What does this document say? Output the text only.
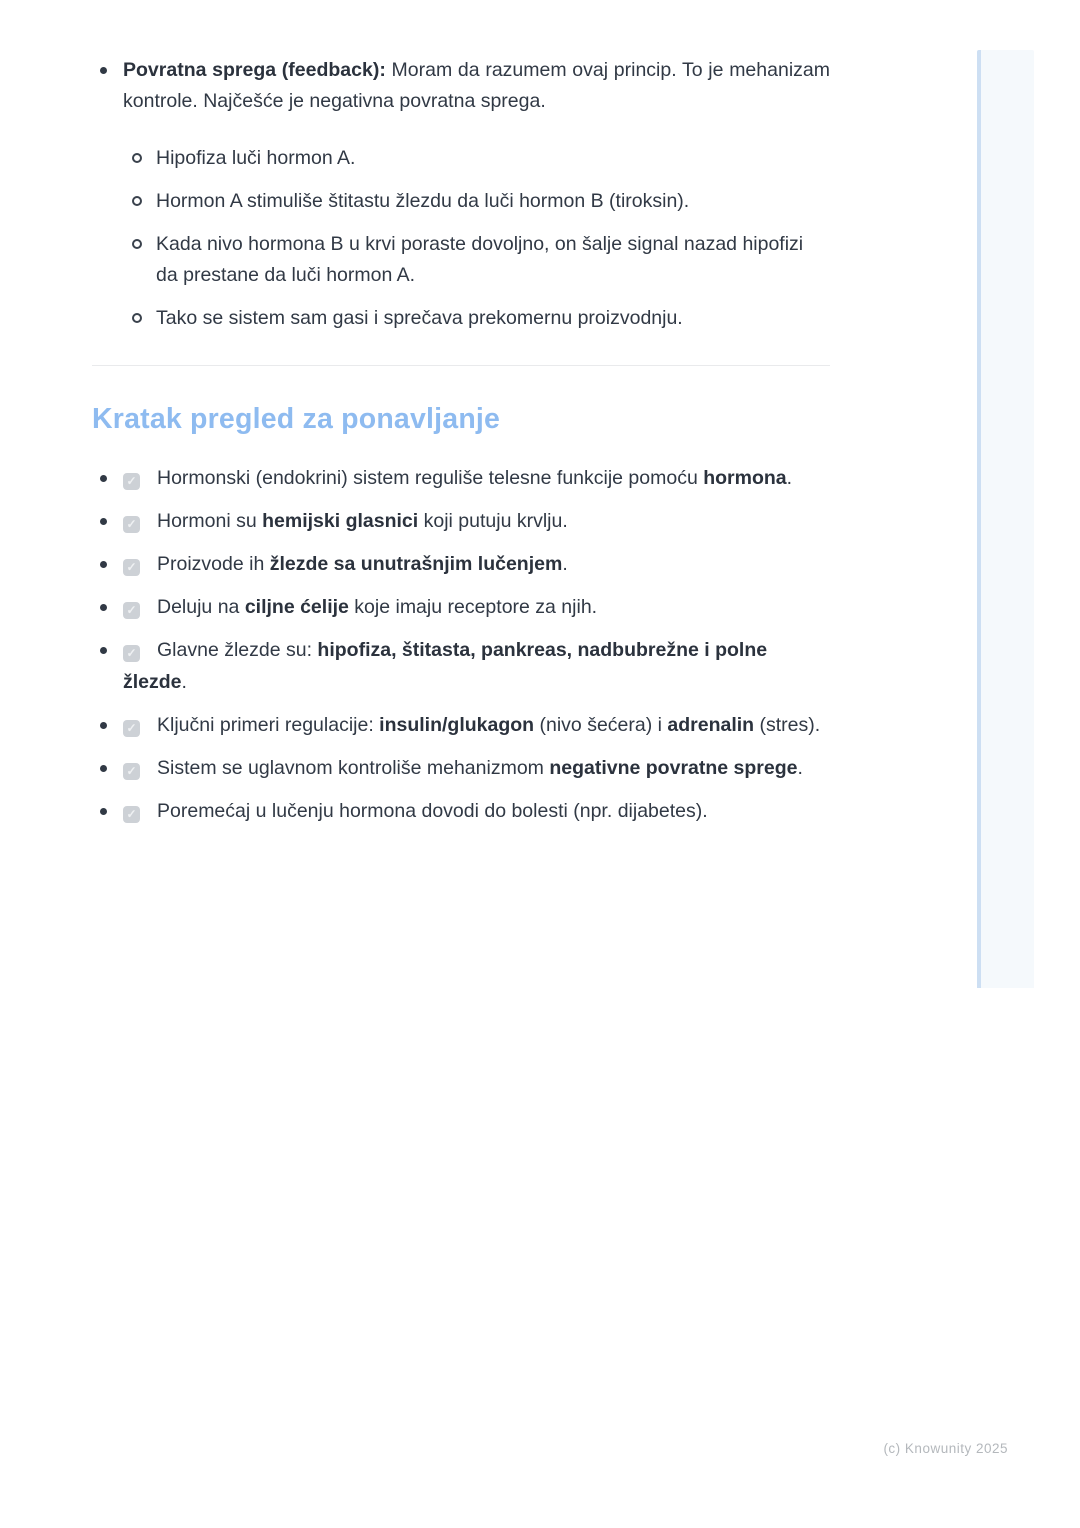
Povratna sprega (feedback): Moram da razumem ovaj princip. To je mehanizam kontrole. Najčešće je negativna povratna sprega.

Hipofiza luči hormon A.
Hormon A stimuliše štitastu žlezdu da luči hormon B (tiroksin).
Kada nivo hormona B u krvi poraste dovoljno, on šalje signal nazad hipofizi da prestane da luči hormon A.
Tako se sistem sam gasi i sprečava prekomernu proizvodnju.
Kratak pregled za ponavljanje
✓ Hormonski (endokrini) sistem reguliše telesne funkcije pomoću hormona.
✓ Hormoni su hemijski glasnici koji putuju krvlju.
✓ Proizvode ih žlezde sa unutrašnjim lučenjem.
✓ Deluju na ciljne ćelije koje imaju receptore za njih.
✓ Glavne žlezde su: hipofiza, štitasta, pankreas, nadbubrežne i polne žlezde.
✓ Ključni primeri regulacije: insulin/glukagon (nivo šećera) i adrenalin (stres).
✓ Sistem se uglavnom kontroliše mehanizmom negativne povratne sprege.
✓ Poremećaj u lučenju hormona dovodi do bolesti (npr. dijabetes).
(c) Knowunity 2025
